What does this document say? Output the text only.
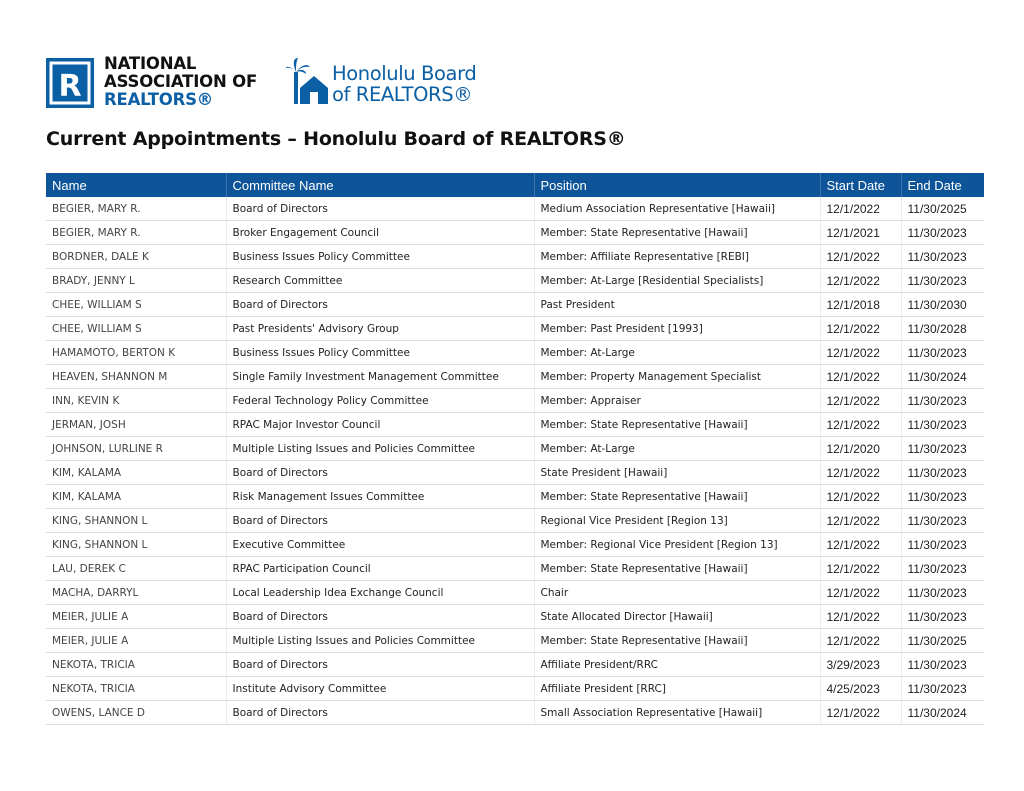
R
NATIONAL
ASSOCIATION OF
REALTORS®
Honolulu Board
of REALTORS®
Current Appointments – Honolulu Board of REALTORS®
Name	Committee Name	Position	Start Date	End Date
BEGIER, MARY R.	Board of Directors	Medium Association Representative [Hawaii]	12/1/2022	11/30/2025
BEGIER, MARY R.	Broker Engagement Council	Member: State Representative [Hawaii]	12/1/2021	11/30/2023
BORDNER, DALE K	Business Issues Policy Committee	Member: Affiliate Representative [REBI]	12/1/2022	11/30/2023
BRADY, JENNY L	Research Committee	Member: At-Large [Residential Specialists]	12/1/2022	11/30/2023
CHEE, WILLIAM S	Board of Directors	Past President	12/1/2018	11/30/2030
CHEE, WILLIAM S	Past Presidents' Advisory Group	Member: Past President [1993]	12/1/2022	11/30/2028
HAMAMOTO, BERTON K	Business Issues Policy Committee	Member: At-Large	12/1/2022	11/30/2023
HEAVEN, SHANNON M	Single Family Investment Management Committee	Member: Property Management Specialist	12/1/2022	11/30/2024
INN, KEVIN K	Federal Technology Policy Committee	Member: Appraiser	12/1/2022	11/30/2023
JERMAN, JOSH	RPAC Major Investor Council	Member: State Representative [Hawaii]	12/1/2022	11/30/2023
JOHNSON, LURLINE R	Multiple Listing Issues and Policies Committee	Member: At-Large	12/1/2020	11/30/2023
KIM, KALAMA	Board of Directors	State President [Hawaii]	12/1/2022	11/30/2023
KIM, KALAMA	Risk Management Issues Committee	Member: State Representative [Hawaii]	12/1/2022	11/30/2023
KING, SHANNON L	Board of Directors	Regional Vice President [Region 13]	12/1/2022	11/30/2023
KING, SHANNON L	Executive Committee	Member: Regional Vice President [Region 13]	12/1/2022	11/30/2023
LAU, DEREK C	RPAC Participation Council	Member: State Representative [Hawaii]	12/1/2022	11/30/2023
MACHA, DARRYL	Local Leadership Idea Exchange Council	Chair	12/1/2022	11/30/2023
MEIER, JULIE A	Board of Directors	State Allocated Director [Hawaii]	12/1/2022	11/30/2023
MEIER, JULIE A	Multiple Listing Issues and Policies Committee	Member: State Representative [Hawaii]	12/1/2022	11/30/2025
NEKOTA, TRICIA	Board of Directors	Affiliate President/RRC	3/29/2023	11/30/2023
NEKOTA, TRICIA	Institute Advisory Committee	Affiliate President [RRC]	4/25/2023	11/30/2023
OWENS, LANCE D	Board of Directors	Small Association Representative [Hawaii]	12/1/2022	11/30/2024
